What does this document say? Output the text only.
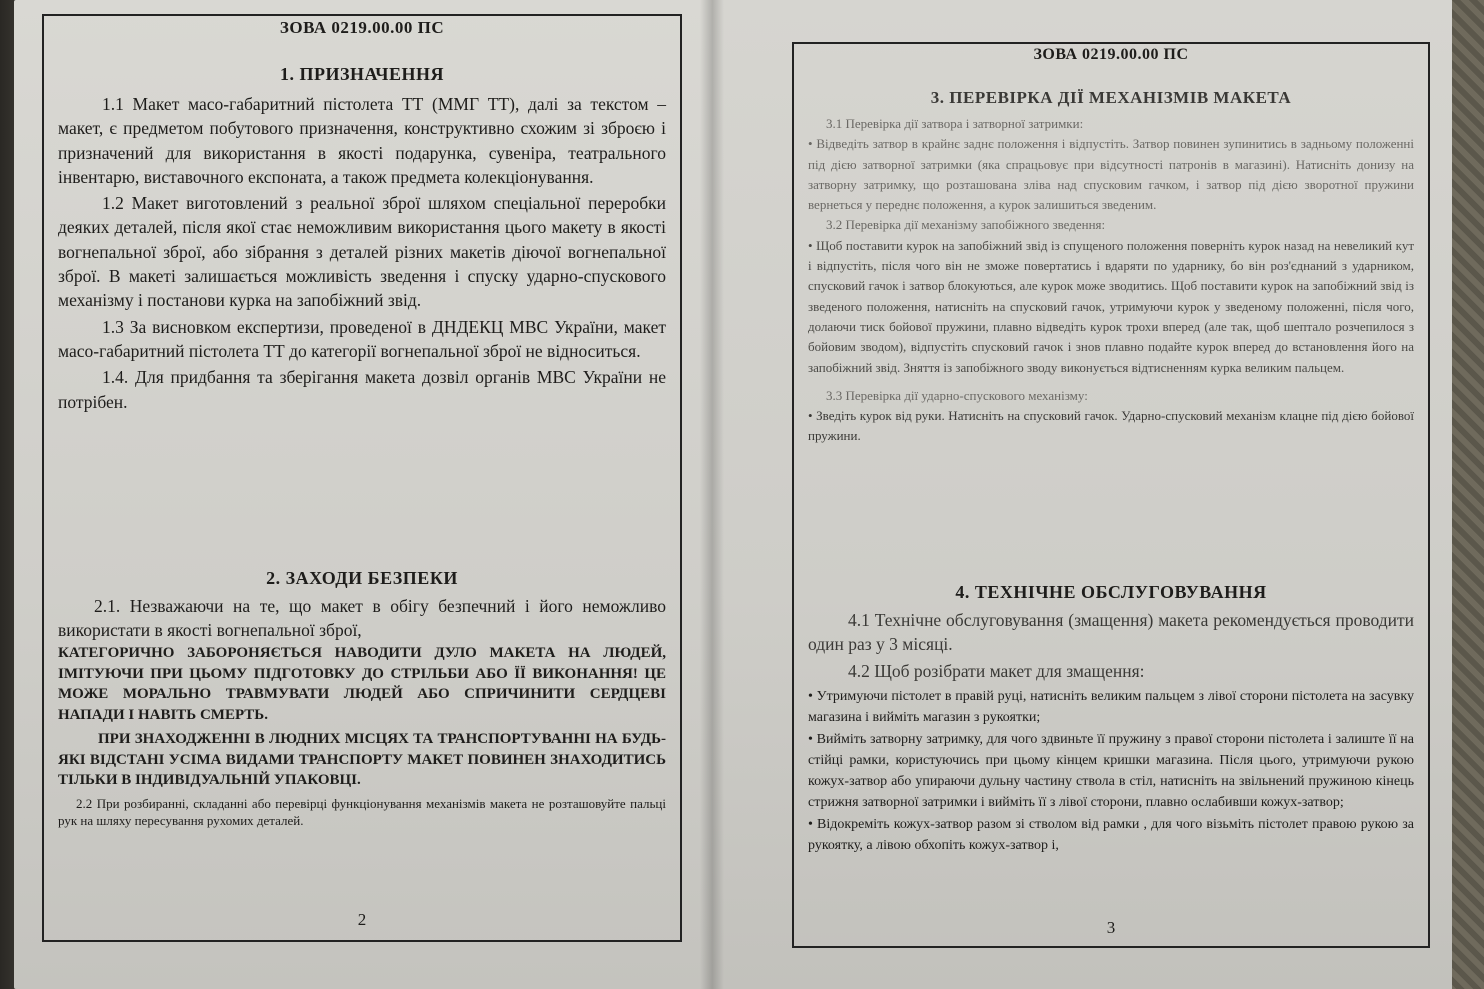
ЗОВА 0219.00.00 ПС
1. ПРИЗНАЧЕННЯ

1.1 Макет масо-габаритний пістолета ТТ (ММГ ТТ), далі за текстом – макет, є предметом побутового призначення, конструктивно схожим зі зброєю і призначений для використання в якості подарунка, сувеніра, театрального інвентарю, виставочного експоната, а також предмета колекціонування.

1.2 Макет виготовлений з реальної зброї шляхом спеціальної переробки деяких деталей, після якої стає неможливим використання цього макету в якості вогнепальної зброї, або зібрання з деталей різних макетів діючої вогнепальної зброї. В макеті залишається можливість зведення і спуску ударно-спускового механізму і постанови курка на запобіжний звід.

1.3 За висновком експертизи, проведеної в ДНДЕКЦ МВС України, макет масо-габаритний пістолета ТТ до категорії вогнепальної зброї не відноситься.

1.4. Для придбання та зберігання макета дозвіл органів МВС України не потрібен.

2. ЗАХОДИ БЕЗПЕКИ

2.1. Незважаючи на те, що макет в обігу безпечний і його неможливо використати в якості вогнепальної зброї,

КАТЕГОРИЧНО ЗАБОРОНЯЄТЬСЯ НАВОДИТИ ДУЛО МАКЕТА НА ЛЮДЕЙ, ІМІТУЮЧИ ПРИ ЦЬОМУ ПІДГОТОВКУ ДО СТРІЛЬБИ АБО ЇЇ ВИКОНАННЯ! ЦЕ МОЖЕ МОРАЛЬНО ТРАВМУВАТИ ЛЮДЕЙ АБО СПРИЧИНИТИ СЕРДЦЕВІ НАПАДИ І НАВІТЬ СМЕРТЬ.

ПРИ ЗНАХОДЖЕННІ В ЛЮДНИХ МІСЦЯХ ТА ТРАНСПОРТУВАННІ НА БУДЬ-ЯКІ ВІДСТАНІ УСІМА ВИДАМИ ТРАНСПОРТУ МАКЕТ ПОВИНЕН ЗНАХОДИТИСЬ ТІЛЬКИ В ІНДИВІДУАЛЬНІЙ УПАКОВЦІ.

2.2 При розбиранні, складанні або перевірці функціонування механізмів макета не розташовуйте пальці рук на шляху пересування рухомих деталей.

2
ЗОВА 0219.00.00 ПС
3. ПЕРЕВІРКА ДІЇ МЕХАНІЗМІВ МАКЕТА

3.1 Перевірка дії затвора і затворної затримки:

• Відведіть затвор в крайнє заднє положення і відпустіть. Затвор повинен зупинитись в задньому положенні під дією затворної затримки (яка спрацьовує при відсутності патронів в магазині). Натисніть донизу на затворну затримку, що розташована зліва над спусковим гачком, і затвор під дією зворотної пружини вернеться у переднє положення, а курок залишиться зведеним.

3.2 Перевірка дії механізму запобіжного зведення:

• Щоб поставити курок на запобіжний звід із спущеного положення поверніть курок назад на невеликий кут і відпустіть, після чого він не зможе повертатись і вдаряти по ударнику, бо він роз'єднаний з ударником, спусковий гачок і затвор блокуються, але курок може зводитись. Щоб поставити курок на запобіжний звід із зведеного положення, натисніть на спусковий гачок, утримуючи курок у зведеному положенні, після чого, долаючи тиск бойової пружини, плавно відведіть курок трохи вперед (але так, щоб шептало розчепилося з бойовим зводом), відпустіть спусковий гачок і знов плавно подайте курок вперед до встановлення його на запобіжний звід. Зняття із запобіжного зводу виконується відтисненням курка великим пальцем.

3.3 Перевірка дії ударно-спускового механізму:

• Зведіть курок від руки. Натисніть на спусковий гачок. Ударно-спусковий механізм клацне під дією бойової пружини.

4. ТЕХНІЧНЕ ОБСЛУГОВУВАННЯ

4.1 Технічне обслуговування (змащення) макета рекомендується проводити один раз у 3 місяці.

4.2 Щоб розібрати макет для змащення:

• Утримуючи пістолет в правій руці, натисніть великим пальцем з лівої сторони пістолета на засувку магазина і вийміть магазин з рукоятки;

• Вийміть затворну затримку, для чого здвиньте її пружину з правої сторони пістолета і залиште її на стійці рамки, користуючись при цьому кінцем кришки магазина. Після цього, утримуючи рукою кожух-затвор або упираючи дульну частину ствола в стіл, натисніть на звільнений пружиною кінець стрижня затворної затримки і вийміть її з лівої сторони, плавно ослабивши кожух-затвор;

• Відокреміть кожух-затвор разом зі стволом від рамки , для чого візьміть пістолет правою рукою за рукоятку, а лівою обхопіть кожух-затвор і,

3
